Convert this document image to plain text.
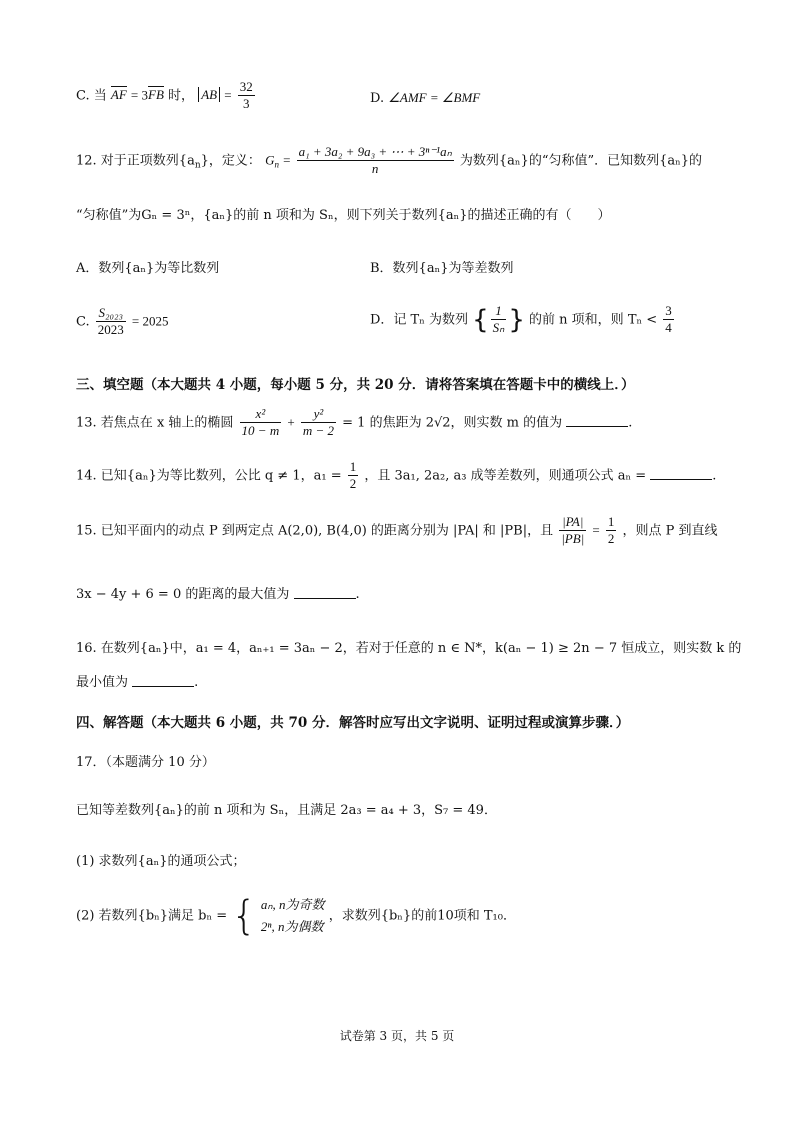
C. 当 AF = 3FB 时， AB = $\frac{32}{3}$	D. ∠AMF = ∠BMF
12. 对于正项数列$\{a_n\}$，定义： $G_n = \frac{\text{a₁ + 3a₂ + 9a₃ + ⋯ + 3ⁿ⁻¹aₙ}}{n}$ 为数列{aₙ}的“匀称值”．已知数列{aₙ}的
“匀称值”为Gₙ = 3ⁿ，{aₙ}的前 n 项和为 Sₙ，则下列关于数列{aₙ}的描述正确的有（　　）
A．数列{aₙ}为等比数列	B．数列{aₙ}为等差数列
C. $\frac{\text{S₂₀₂₃}}{2023} = 2025$	D．记 Tₙ 为数列 { $\frac{1}{\text{Sₙ}}$ } 的前 n 项和，则 $T_n < \frac{3}{4}$
三、填空题（本大题共 4 小题，每小题 5 分，共 20 分．请将答案填在答题卡中的横线上．）
13. 若焦点在 x 轴上的椭圆 $\frac{\text{x²}}{10 - m} + \frac{\text{y²}}{m - 2} = 1$ 的焦距为 2√2，则实数 m 的值为	.
14. 已知{aₙ}为等比数列，公比 q ≠ 1，$a_1 = \frac{1}{2}$ ，且 3a₁, 2a₂, a₃ 成等差数列，则通项公式 aₙ =	.
15. 已知平面内的动点 P 到两定点 A(2,0), B(4,0) 的距离分别为 |PA| 和 |PB|，且 $\frac{|PA|}{|PB|} = \frac{1}{2}$ ，则点 P 到直线
3x − 4y + 6 = 0 的距离的最大值为	.
16. 在数列{aₙ}中，a₁ = 4，aₙ₊₁ = 3aₙ − 2，若对于任意的 n ∈ N*，k(aₙ − 1) ≥ 2n − 7 恒成立，则实数 k 的
最小值为	.
四、解答题（本大题共 6 小题，共 70 分．解答时应写出文字说明、证明过程或演算步骤．）
17．（本题满分 10 分）
已知等差数列{aₙ}的前 n 项和为 Sₙ，且满足 2a₃ = a₄ + 3，S₇ = 49．
(1) 求数列{aₙ}的通项公式；
(2) 若数列{bₙ}满足 bₙ = { aₙ, n为奇数
2ⁿ, n为偶数
，求数列{bₙ}的前10项和 T₁₀．
试卷第 3 页，共 5 页
